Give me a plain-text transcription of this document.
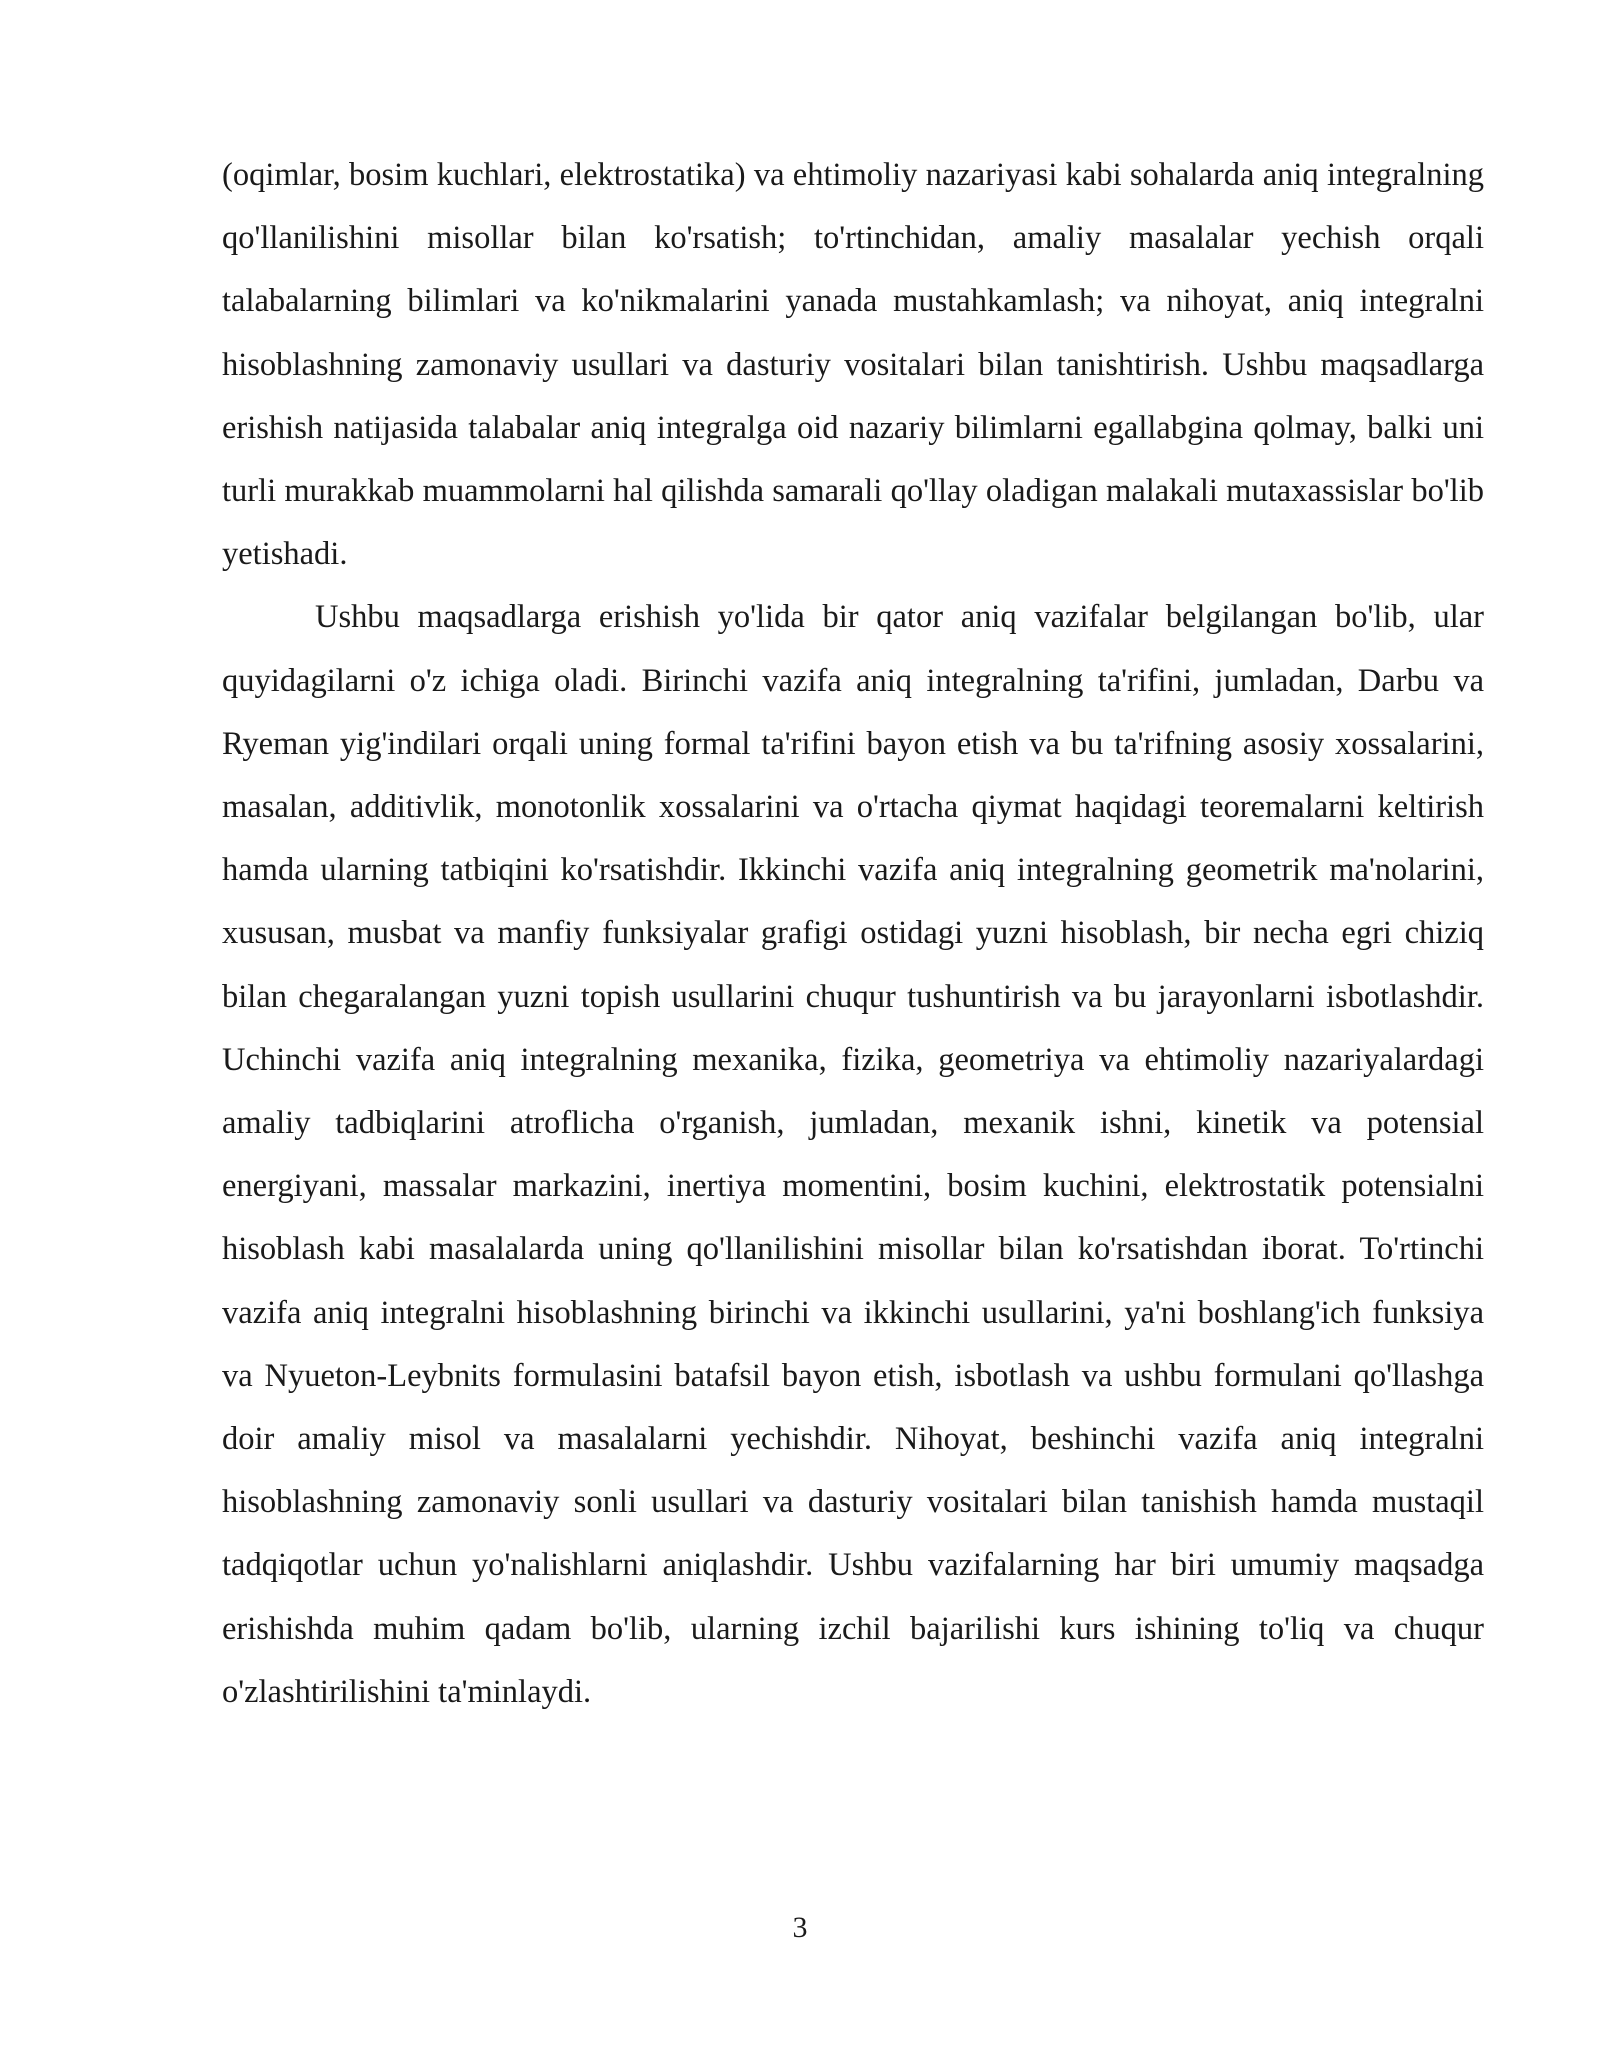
(oqimlar, bosim kuchlari, elektrostatika) va ehtimoliy nazariyasi kabi sohalarda aniq integralning qo'llanilishini misollar bilan ko'rsatish; to'rtinchidan, amaliy masalalar yechish orqali talabalarning bilimlari va ko'nikmalarini yanada mustahkamlash; va nihoyat, aniq integralni hisoblashning zamonaviy usullari va dasturiy vositalari bilan tanishtirish. Ushbu maqsadlarga erishish natijasida talabalar aniq integralga oid nazariy bilimlarni egallabgina qolmay, balki uni turli murakkab muammolarni hal qilishda samarali qo'llay oladigan malakali mutaxassislar bo'lib yetishadi.

Ushbu maqsadlarga erishish yo'lida bir qator aniq vazifalar belgilangan bo'lib, ular quyidagilarni o'z ichiga oladi. Birinchi vazifa aniq integralning ta'rifini, jumladan, Darbu va Ryeman yig'indilari orqali uning formal ta'rifini bayon etish va bu ta'rifning asosiy xossalarini, masalan, additivlik, monotonlik xossalarini va o'rtacha qiymat haqidagi teoremalarni keltirish hamda ularning tatbiqini ko'rsatishdir. Ikkinchi vazifa aniq integralning geometrik ma'nolarini, xususan, musbat va manfiy funksiyalar grafigi ostidagi yuzni hisoblash, bir necha egri chiziq bilan chegaralangan yuzni topish usullarini chuqur tushuntirish va bu jarayonlarni isbotlashdir. Uchinchi vazifa aniq integralning mexanika, fizika, geometriya va ehtimoliy nazariyalardagi amaliy tadbiqlarini atroflicha o'rganish, jumladan, mexanik ishni, kinetik va potensial energiyani, massalar markazini, inertiya momentini, bosim kuchini, elektrostatik potensialni hisoblash kabi masalalarda uning qo'llanilishini misollar bilan ko'rsatishdan iborat. To'rtinchi vazifa aniq integralni hisoblashning birinchi va ikkinchi usullarini, ya'ni boshlang'ich funksiya va Nyueton-Leybnits formulasini batafsil bayon etish, isbotlash va ushbu formulani qo'llashga doir amaliy misol va masalalarni yechishdir. Nihoyat, beshinchi vazifa aniq integralni hisoblashning zamonaviy sonli usullari va dasturiy vositalari bilan tanishish hamda mustaqil tadqiqotlar uchun yo'nalishlarni aniqlashdir. Ushbu vazifalarning har biri umumiy maqsadga erishishda muhim qadam bo'lib, ularning izchil bajarilishi kurs ishining to'liq va chuqur o'zlashtirilishini ta'minlaydi.

3
